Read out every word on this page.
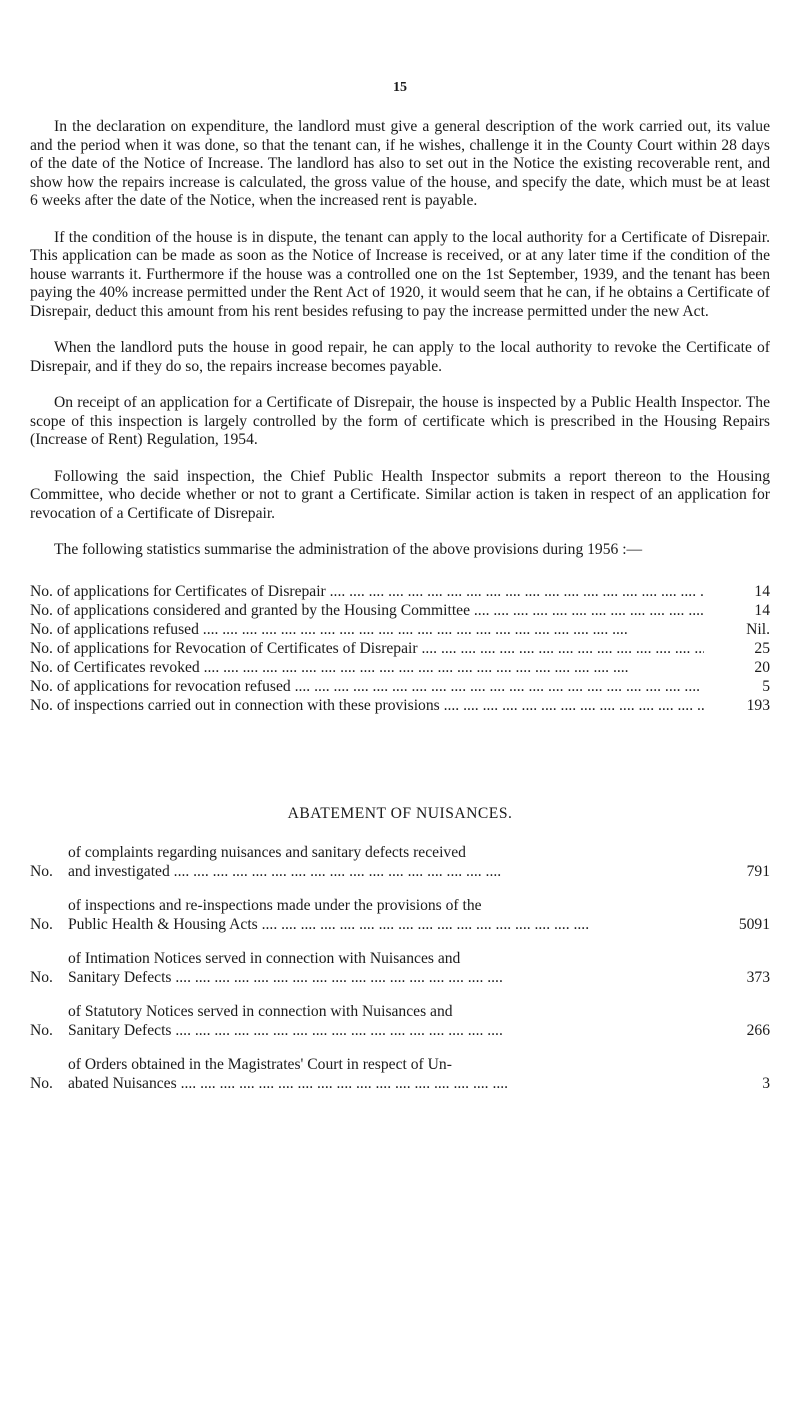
15

In the declaration on expenditure, the landlord must give a general description of the work carried out, its value and the period when it was done, so that the tenant can, if he wishes, challenge it in the County Court within 28 days of the date of the Notice of Increase. The landlord has also to set out in the Notice the existing recoverable rent, and show how the repairs increase is calculated, the gross value of the house, and specify the date, which must be at least 6 weeks after the date of the Notice, when the increased rent is payable.

If the condition of the house is in dispute, the tenant can apply to the local authority for a Certificate of Disrepair. This application can be made as soon as the Notice of Increase is received, or at any later time if the condition of the house warrants it. Furthermore if the house was a controlled one on the 1st September, 1939, and the tenant has been paying the 40% increase permitted under the Rent Act of 1920, it would seem that he can, if he obtains a Certificate of Disrepair, deduct this amount from his rent besides refusing to pay the increase permitted under the new Act.

When the landlord puts the house in good repair, he can apply to the local authority to revoke the Certificate of Disrepair, and if they do so, the repairs increase becomes payable.

On receipt of an application for a Certificate of Disrepair, the house is inspected by a Public Health Inspector. The scope of this inspection is largely controlled by the form of certificate which is prescribed in the Housing Repairs (Increase of Rent) Regulation, 1954.

Following the said inspection, the Chief Public Health Inspector submits a report thereon to the Housing Committee, who decide whether or not to grant a Certificate. Similar action is taken in respect of an application for revocation of a Certificate of Disrepair.

The following statistics summarise the administration of the above provisions during 1956 :—

No. of applications for Certificates of Disrepair ....	14
No. of applications considered and granted by the Housing Committee ....	14
No. of applications refused ....	Nil.
No. of applications for Revocation of Certificates of Disrepair ....	25
No. of Certificates revoked ....	20
No. of applications for revocation refused ....	5
No. of inspections carried out in connection with these provisions ....	193
ABATEMENT OF NUISANCES.
No.
of complaints regarding nuisances and sanitary defects received
and investigated ....	791
No.
of inspections and re-inspections made under the provisions of the
Public Health & Housing Acts ....	5091
No.
of Intimation Notices served in connection with Nuisances and
Sanitary Defects ....	373
No.
of Statutory Notices served in connection with Nuisances and
Sanitary Defects ....	266
No.
of Orders obtained in the Magistrates' Court in respect of Un-
abated Nuisances ....	3
